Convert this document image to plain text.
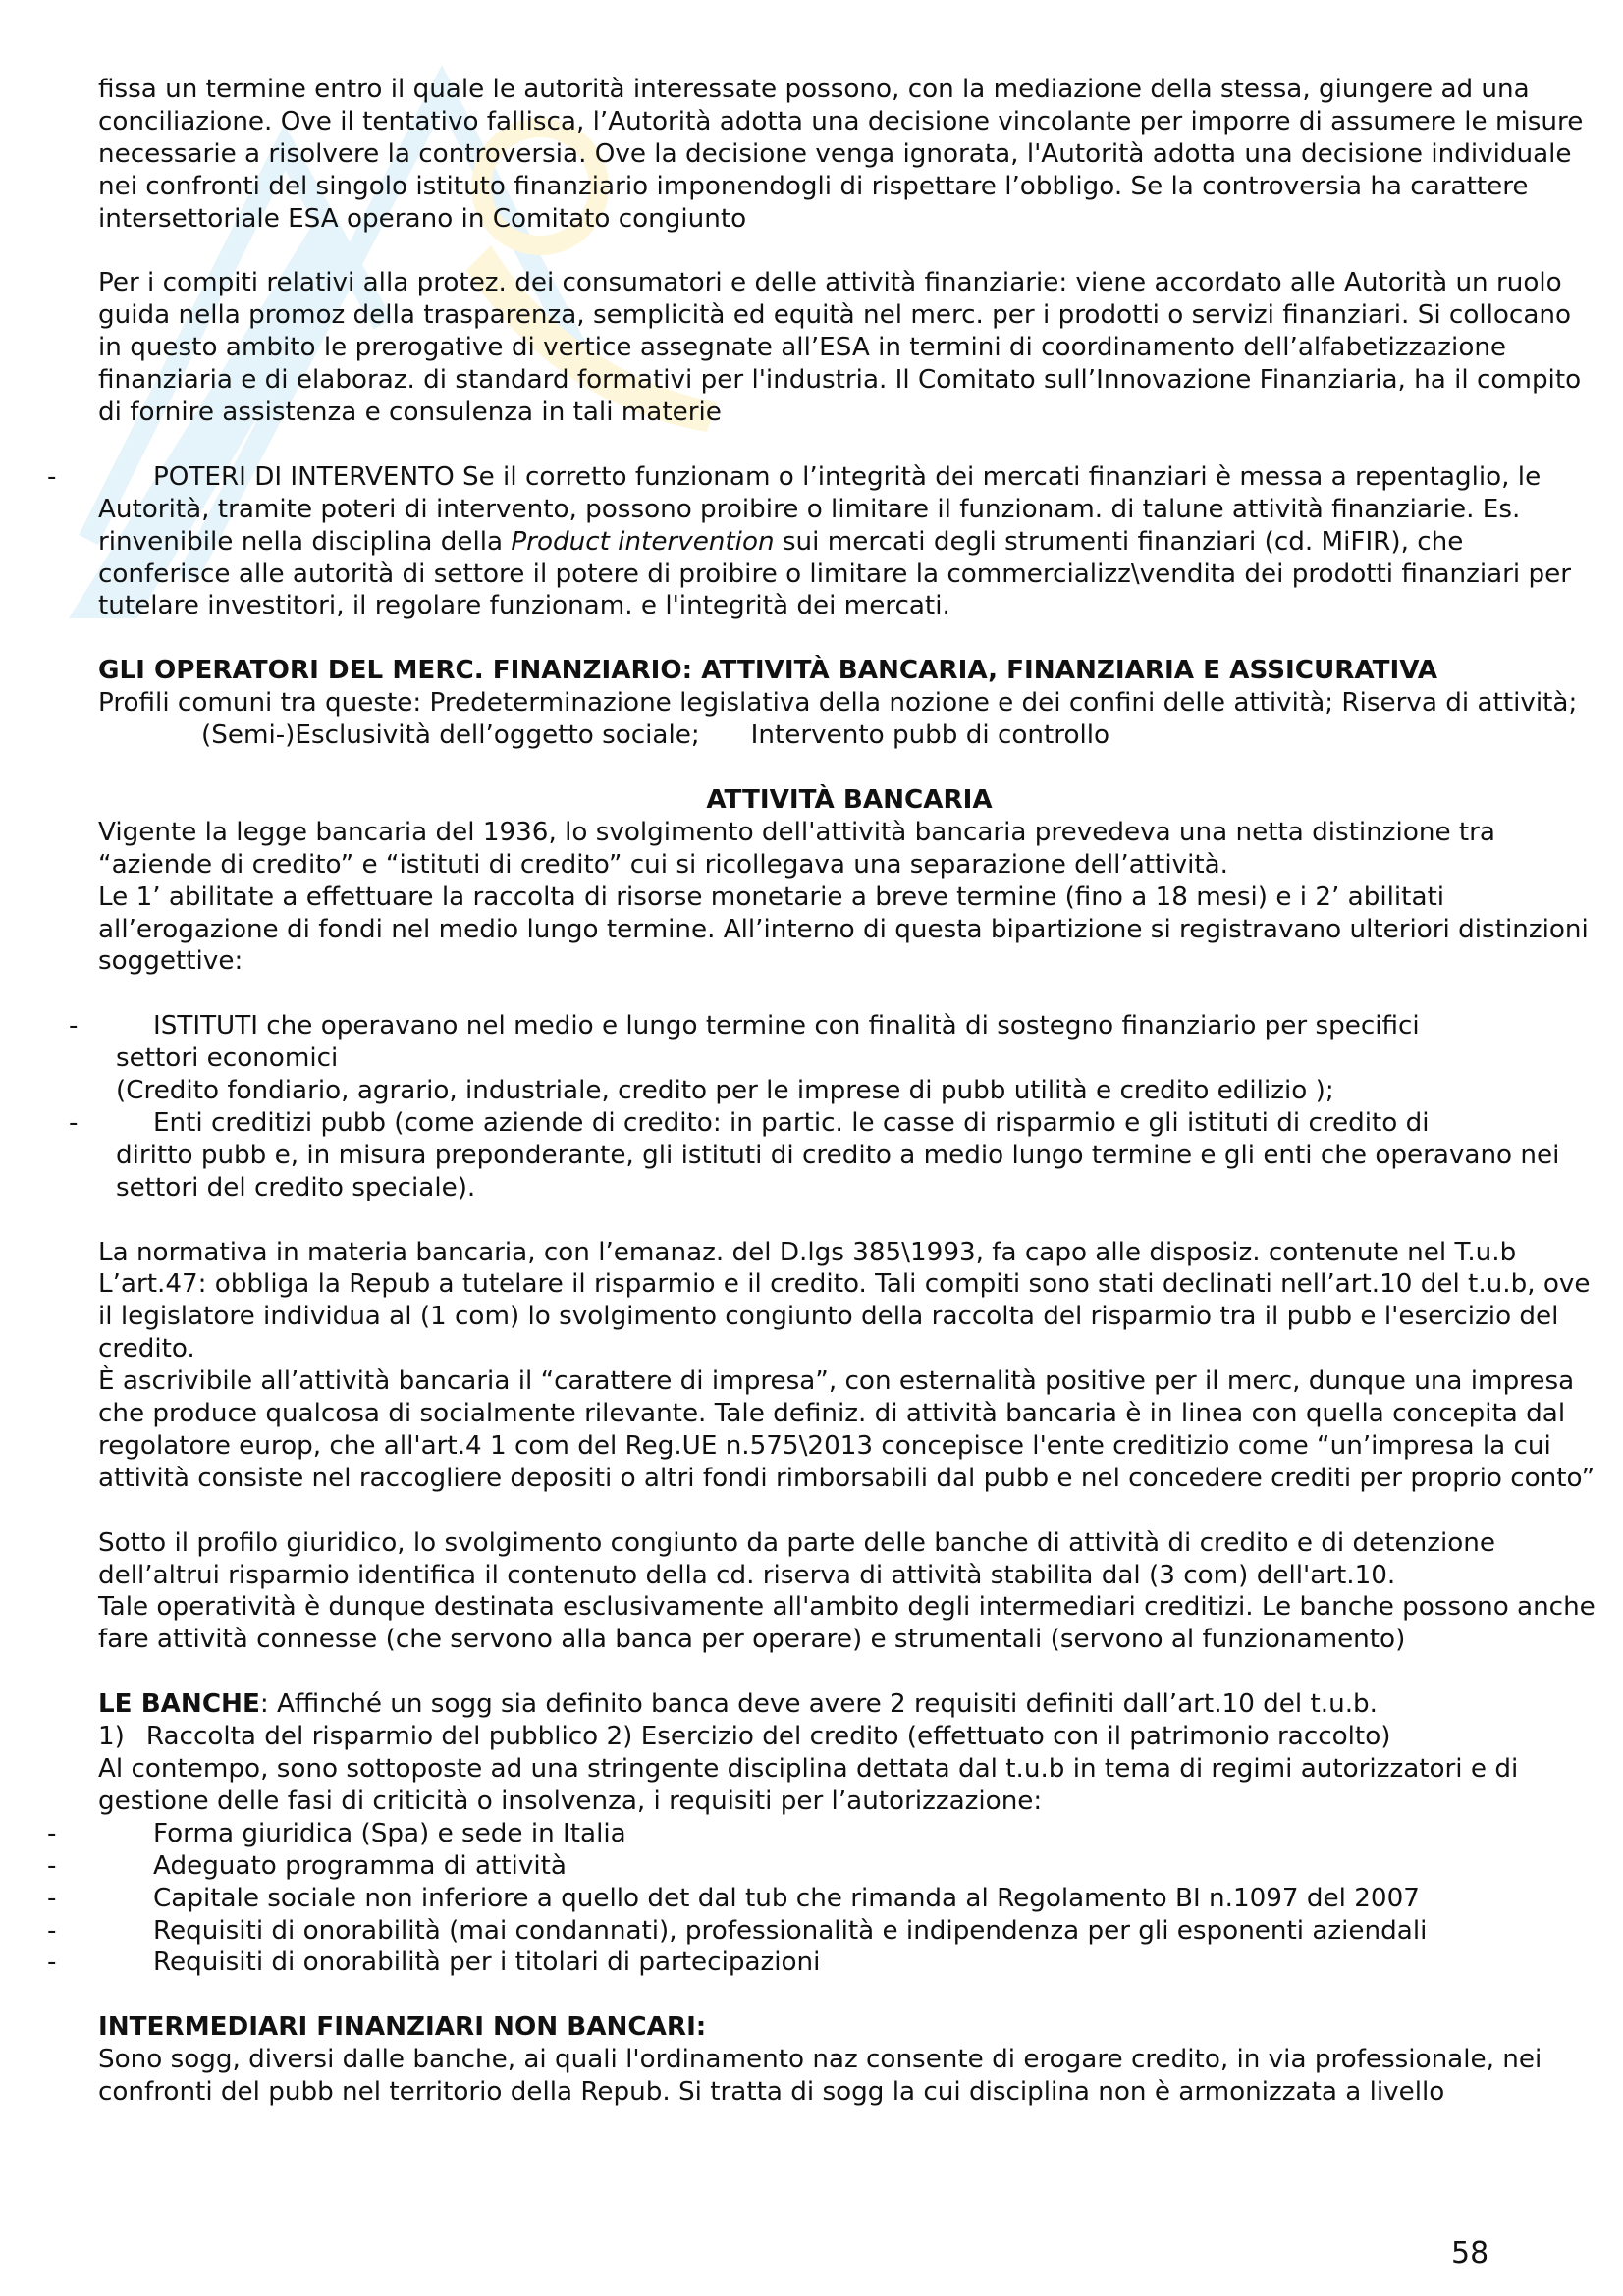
fissa un termine entro il quale le autorità interessate possono, con la mediazione della stessa, giungere ad una conciliazione. Ove il tentativo fallisca, l’Autorità adotta una decisione vincolante per imporre di assumere le misure necessarie a risolvere la controversia. Ove la decisione venga ignorata, l'Autorità adotta una decisione individuale nei confronti del singolo istituto finanziario imponendogli di rispettare l’obbligo. Se la controversia ha carattere intersettoriale ESA operano in Comitato congiunto

Per i compiti relativi alla protez. dei consumatori e delle attività finanziarie: viene accordato alle Autorità un ruolo guida nella promoz della trasparenza, semplicità ed equità nel merc. per i prodotti o servizi finanziari. Si collocano in questo ambito le prerogative di vertice assegnate all’ESA in termini di coordinamento dell’alfabetizzazione finanziaria e di elaboraz. di standard formativi per l'industria. Il Comitato sull’Innovazione Finanziaria, ha il compito di fornire assistenza e consulenza in tali materie

-	POTERI DI INTERVENTO Se il corretto funzionam o l’integrità dei mercati finanziari è messa a repentaglio, le Autorità, tramite poteri di intervento, possono proibire o limitare il funzionam. di talune attività finanziarie. Es. rinvenibile nella disciplina della Product intervention sui mercati degli strumenti finanziari (cd. MiFIR), che conferisce alle autorità di settore il potere di proibire o limitare la commercializz\vendita dei prodotti finanziari per tutelare investitori, il regolare funzionam. e l'integrità dei mercati.

GLI OPERATORI DEL MERC. FINANZIARIO: ATTIVITÀ BANCARIA, FINANZIARIA E ASSICURATIVA

Profili comuni tra queste: Predeterminazione legislativa della nozione e dei confini delle attività; Riserva di attività;(Semi-)Esclusività dell’oggetto sociale; Intervento pubb di controllo

ATTIVITÀ BANCARIA

Vigente la legge bancaria del 1936, lo svolgimento dell'attività bancaria prevedeva una netta distinzione tra “aziende di credito” e “istituti di credito” cui si ricollegava una separazione dell’attività.

Le 1’ abilitate a effettuare la raccolta di risorse monetarie a breve termine (fino a 18 mesi) e i 2’ abilitati all’erogazione di fondi nel medio lungo termine. All’interno di questa bipartizione si registravano ulteriori distinzioni soggettive:

-	ISTITUTI che operavano nel medio e lungo termine con finalità di sostegno finanziario per specifici

settori economici

(Credito fondiario, agrario, industriale, credito per le imprese di pubb utilità e credito edilizio );

-	Enti creditizi pubb (come aziende di credito: in partic. le casse di risparmio e gli istituti di credito di

diritto pubb e, in misura preponderante, gli istituti di credito a medio lungo termine e gli enti che operavano nei settori del credito speciale).

La normativa in materia bancaria, con l’emanaz. del D.lgs 385\1993, fa capo alle disposiz. contenute nel T.u.b

L’art.47: obbliga la Repub a tutelare il risparmio e il credito. Tali compiti sono stati declinati nell’art.10 del t.u.b, ove il legislatore individua al (1 com) lo svolgimento congiunto della raccolta del risparmio tra il pubb e l'esercizio del credito.

È ascrivibile all’attività bancaria il “carattere di impresa”, con esternalità positive per il merc, dunque una impresa che produce qualcosa di socialmente rilevante. Tale definiz. di attività bancaria è in linea con quella concepita dal regolatore europ, che all'art.4 1 com del Reg.UE n.575\2013 concepisce l'ente creditizio come “un’impresa la cui attività consiste nel raccogliere depositi o altri fondi rimborsabili dal pubb e nel concedere crediti per proprio conto”

Sotto il profilo giuridico, lo svolgimento congiunto da parte delle banche di attività di credito e di detenzione dell’altrui risparmio identifica il contenuto della cd. riserva di attività stabilita dal (3 com) dell'art.10.

Tale operatività è dunque destinata esclusivamente all'ambito degli intermediari creditizi. Le banche possono anche fare attività connesse (che servono alla banca per operare) e strumentali (servono al funzionamento)

LE BANCHE: Affinché un sogg sia definito banca deve avere 2 requisiti definiti dall’art.10 del t.u.b.

1) Raccolta del risparmio del pubblico 2) Esercizio del credito (effettuato con il patrimonio raccolto)

Al contempo, sono sottoposte ad una stringente disciplina dettata dal t.u.b in tema di regimi autorizzatori e di gestione delle fasi di criticità o insolvenza, i requisiti per l’autorizzazione:

-	Forma giuridica (Spa) e sede in Italia

-	Adeguato programma di attività

-	Capitale sociale non inferiore a quello det dal tub che rimanda al Regolamento BI n.1097 del 2007

-	Requisiti di onorabilità (mai condannati), professionalità e indipendenza per gli esponenti aziendali

-	Requisiti di onorabilità per i titolari di partecipazioni

INTERMEDIARI FINANZIARI NON BANCARI:

Sono sogg, diversi dalle banche, ai quali l'ordinamento naz consente di erogare credito, in via professionale, nei confronti del pubb nel territorio della Repub. Si tratta di sogg la cui disciplina non è armonizzata a livello

58
